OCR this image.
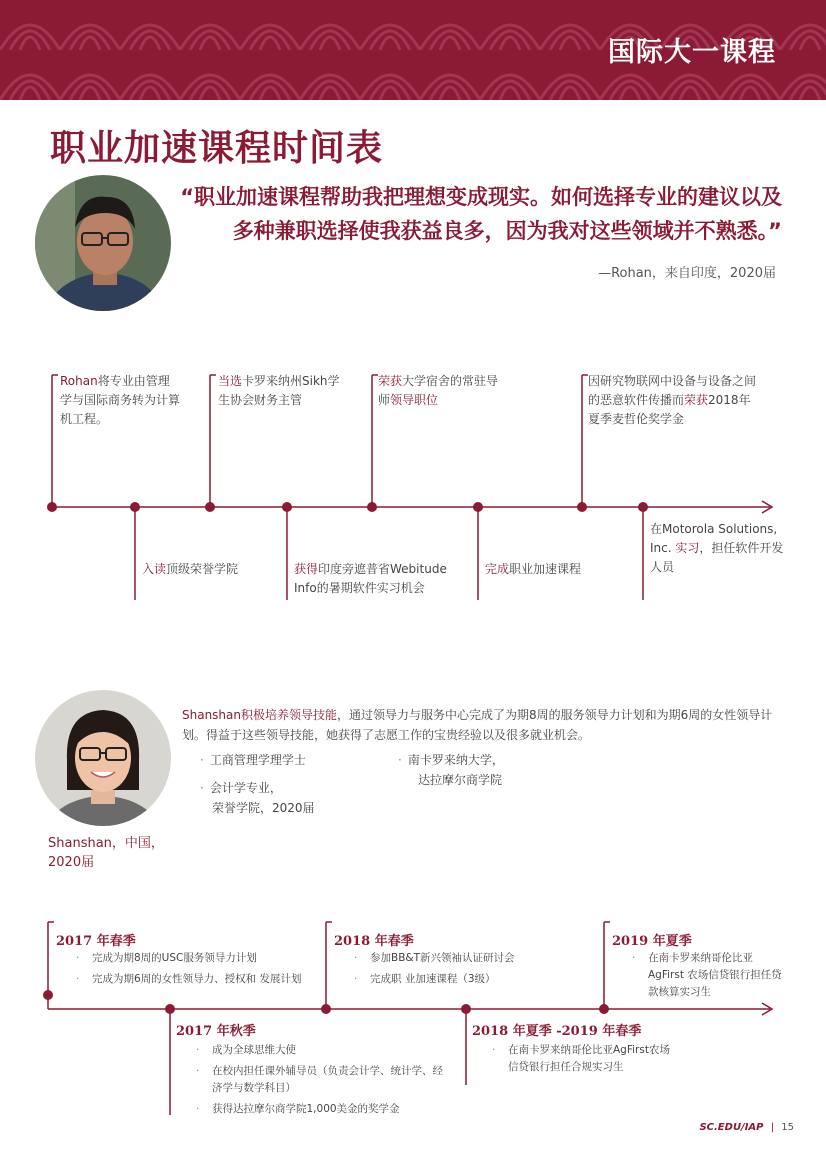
国际大一课程
职业加速课程时间表
“职业加速课程帮助我把理想变成现实。如何选择专业的建议以及多种兼职选择使我获益良多，因为我对这些领域并不熟悉。”
—Rohan，来自印度，2020届
Rohan将专业由管理学与国际商务转为计算机工程。
入读顶级荣誉学院
当选卡罗来纳州Sikh学生协会财务主管
获得印度旁遮普省Webitude Info的暑期软件实习机会
荣获大学宿舍的常驻导师领导职位
完成职业加速课程
因研究物联网中设备与设备之间的恶意软件传播而荣获2018年夏季麦哲伦奖学金
在Motorola Solutions, Inc. 实习，担任软件开发人员
Shanshan积极培养领导技能，通过领导力与服务中心完成了为期8周的服务领导力计划和为期6周的女性领导计划。得益于这些领导技能，她获得了志愿工作的宝贵经验以及很多就业机会。
· 工商管理学理学士
· 会计学专业，
荣誉学院，2020届
· 南卡罗来纳大学，
达拉摩尔商学院
Shanshan，中国，
2020届
2017 年春季
· 完成为期8周的USC服务领导力计划
· 完成为期6周的女性领导力、授权和 发展计划
2017 年秋季
· 成为全球思维大使
· 在校内担任课外辅导员（负责会计学、统计学、经济学与数学科目）
· 获得达拉摩尔商学院1,000美金的奖学金
2018 年春季
· 参加BB&T新兴领袖认证研讨会
· 完成职 业加速课程（3级）
2018 年夏季 -2019 年春季
· 在南卡罗来纳哥伦比亚AgFirst农场信贷银行担任合规实习生
2019 年夏季
· 在南卡罗来纳哥伦比亚 AgFirst 农场信贷银行担任贷款核算实习生
SC.EDU/IAP | 15
